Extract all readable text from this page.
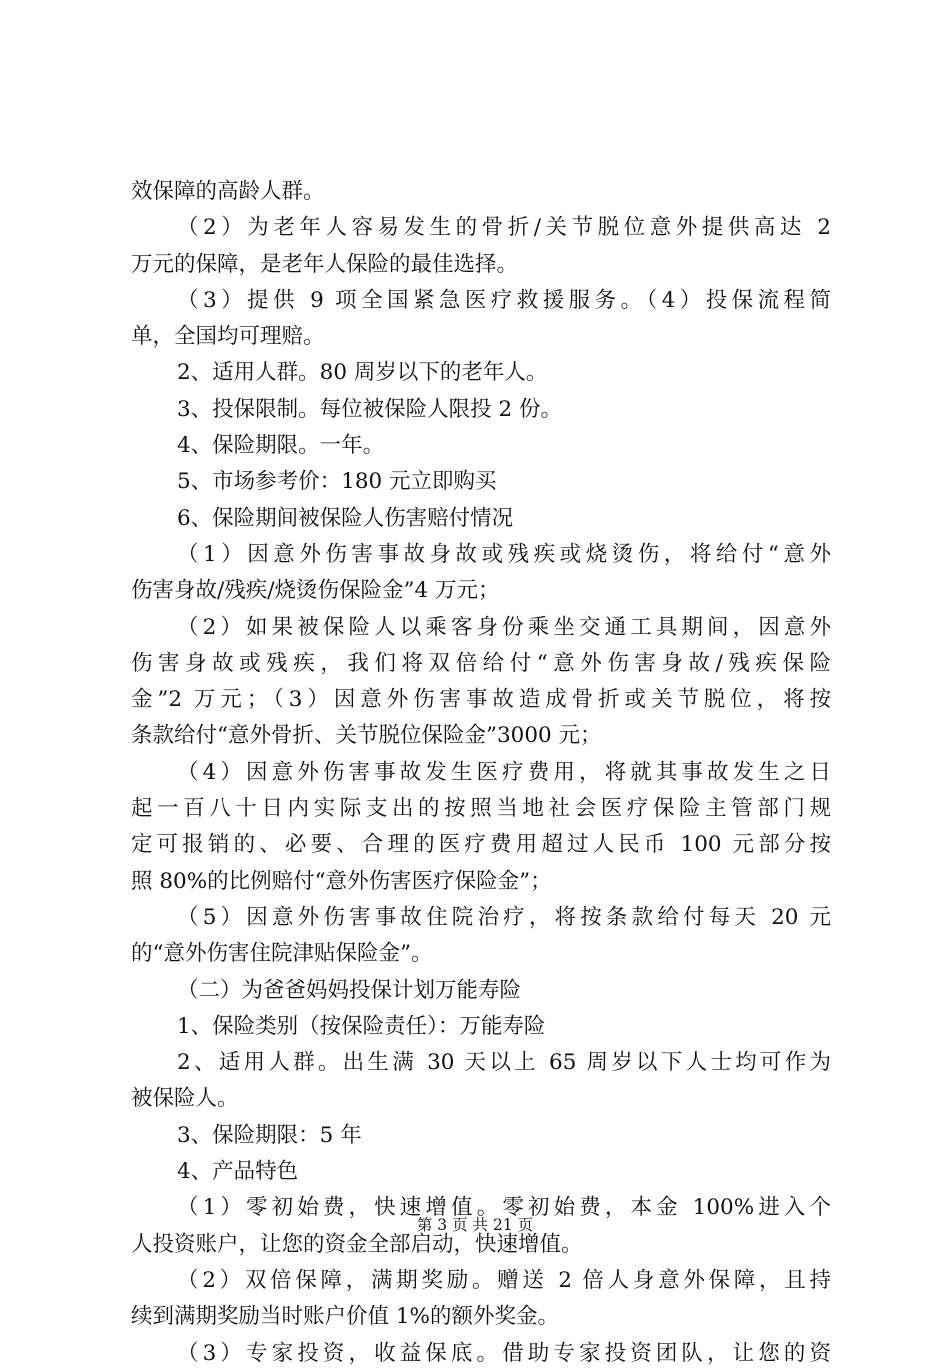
效保障的高龄人群。
（2）为老年人容易发生的骨折/关节脱位意外提供高达 2
万元的保障，是老年人保险的最佳选择。
（3）提供 9 项全国紧急医疗救援服务。（4）投保流程简
单，全国均可理赔。
2、适用人群。80 周岁以下的老年人。
3、投保限制。每位被保险人限投 2 份。
4、保险期限。一年。
5、市场参考价：180 元立即购买
6、保险期间被保险人伤害赔付情况
（1）因意外伤害事故身故或残疾或烧烫伤，将给付“意外
伤害身故/残疾/烧烫伤保险金”4 万元；
（2）如果被保险人以乘客身份乘坐交通工具期间，因意外
伤害身故或残疾，我们将双倍给付“意外伤害身故/残疾保险
金”2 万元；（3）因意外伤害事故造成骨折或关节脱位，将按
条款给付“意外骨折、关节脱位保险金”3000 元；
（4）因意外伤害事故发生医疗费用，将就其事故发生之日
起一百八十日内实际支出的按照当地社会医疗保险主管部门规
定可报销的、必要、合理的医疗费用超过人民币 100 元部分按
照 80%的比例赔付“意外伤害医疗保险金”；
（5）因意外伤害事故住院治疗，将按条款给付每天 20 元
的“意外伤害住院津贴保险金”。
（二）为爸爸妈妈投保计划万能寿险
1、保险类别（按保险责任）：万能寿险
2、适用人群。出生满 30 天以上 65 周岁以下人士均可作为
被保险人。
3、保险期限：5 年
4、产品特色
（1）零初始费，快速增值。零初始费，本金 100%进入个
人投资账户，让您的资金全部启动，快速增值。
（2）双倍保障，满期奖励。赠送 2 倍人身意外保障，且持
续到满期奖励当时账户价值 1%的额外奖金。
（3）专家投资，收益保底。借助专家投资团队，让您的资
第 3 页 共 21 页
